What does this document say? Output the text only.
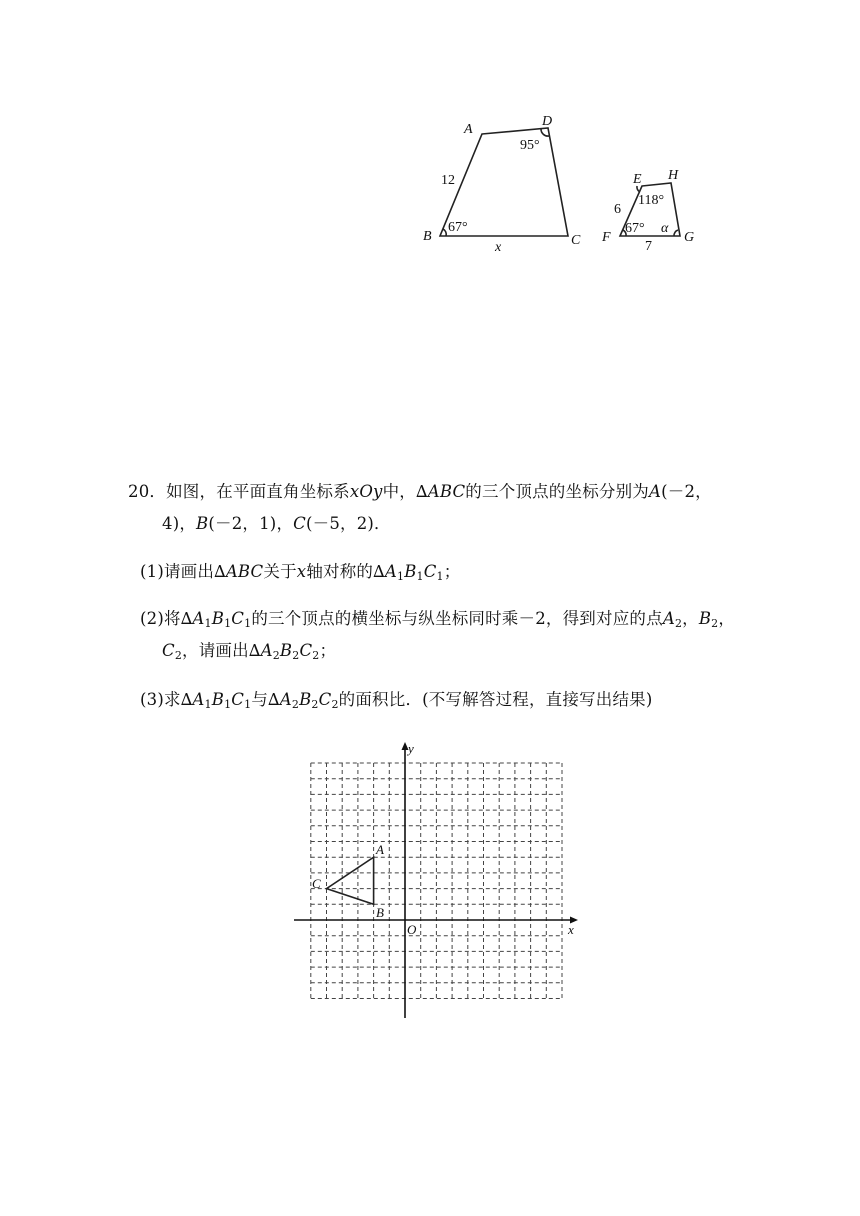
A
D
B	C
12
x
67°
95°
E H
F	G
6
7
67°
118°
α
20．如图，在平面直角坐标系xOy中，∆ABC的三个顶点的坐标分别为A(－2，
4)，B(－2，1)，C(－5，2)．
(1)请画出∆ABC关于x轴对称的$\Delta A_1B_1C_1$；
(2)将$\Delta A_1B_1C_1$的三个顶点的横坐标与纵坐标同时乘－2，得到对应的点$A_2$，$B_2$，
$C_2$，请画出$\Delta A_2B_2C_2$；
(3)求$\Delta A_1B_1C_1$与$\Delta A_2B_2C_2$的面积比．(不写解答过程，直接写出结果)
x
y
O
A
B
C
